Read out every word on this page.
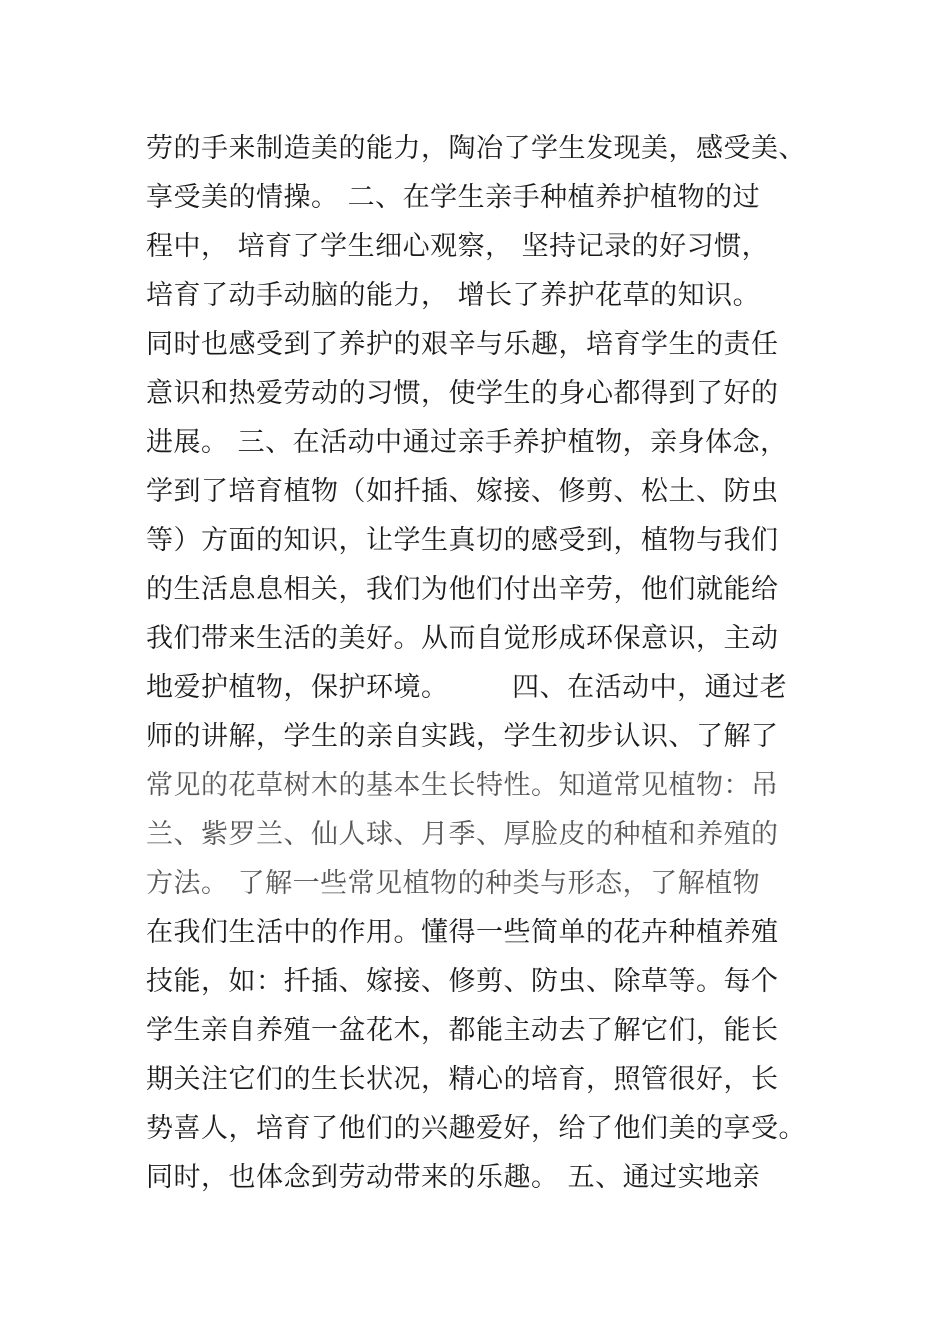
劳的手来制造美的能力，陶冶了学生发现美，感受美、
享受美的情操。 二、在学生亲手种植养护植物的过
程中， 培育了学生细心观察， 坚持记录的好习惯，
培育了动手动脑的能力， 增长了养护花草的知识。
同时也感受到了养护的艰辛与乐趣，培育学生的责任
意识和热爱劳动的习惯，使学生的身心都得到了好的
进展。 三、在活动中通过亲手养护植物，亲身体念，
学到了培育植物（如扦插、嫁接、修剪、松土、防虫
等）方面的知识，让学生真切的感受到，植物与我们
的生活息息相关，我们为他们付出辛劳，他们就能给
我们带来生活的美好。从而自觉形成环保意识，主动
地爱护植物，保护环境。       四、在活动中，通过老
师的讲解，学生的亲自实践，学生初步认识、了解了
常见的花草树木的基本生长特性。知道常见植物：吊
兰、紫罗兰、仙人球、月季、厚脸皮的种植和养殖的
方法。 了解一些常见植物的种类与形态，了解植物
在我们生活中的作用。懂得一些简单的花卉种植养殖
技能，如：扦插、嫁接、修剪、防虫、除草等。每个
学生亲自养殖一盆花木，都能主动去了解它们，能长
期关注它们的生长状况，精心的培育，照管很好，长
势喜人，培育了他们的兴趣爱好，给了他们美的享受。
同时，也体念到劳动带来的乐趣。 五、通过实地亲
